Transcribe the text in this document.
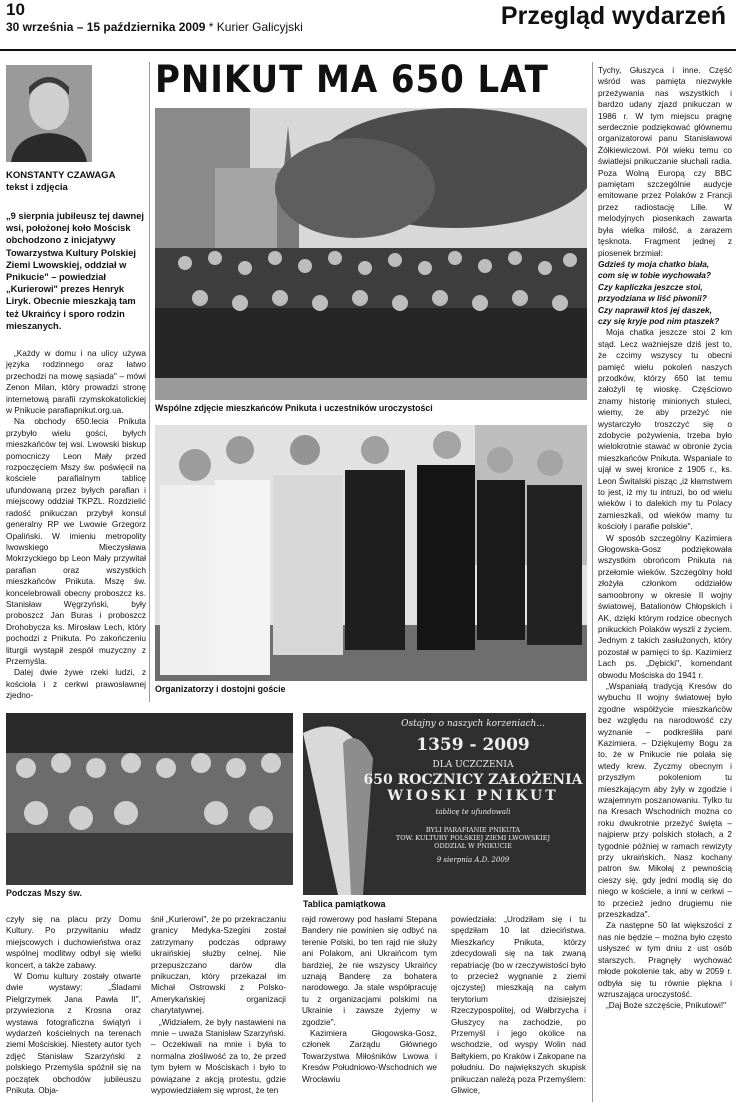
10
30 września – 15 października 2009 * Kurier Galicyjski	Przegląd wydarzeń
PNIKUT MA 650 LAT
KONSTANTY CZAWAGA
tekst i zdjęcia
„9 sierpnia jubileusz tej dawnej wsi, położonej koło Mościsk obchodzono z inicjatywy Towarzystwa Kultury Polskiej Ziemi Lwowskiej, oddział w Pnikucie" – powiedział „Kurierowi" prezes Henryk Liryk. Obecnie mieszkają tam też Ukraińcy i sporo rodzin mieszanych.

„Każdy w domu i na ulicy używa języka rodzinnego oraz łatwo przechodzi na mowę sąsiada" – mówi Zenon Milan, który prowadzi stronę internetową parafii rzymskokatolickiej w Pnikucie parafiapnikut.org.ua.

Na obchody 650.lecia Pnikuta przybyło wielu gości, byłych mieszkańców tej wsi. Lwowski biskup pomocniczy Leon Mały przed rozpoczęciem Mszy św. poświęcił na kościele parafialnym tablicę ufundowaną przez byłych parafian i miejscowy oddział TKPZL. Rozdzielić radość pnikuczan przybył konsul generalny RP we Lwowie Grzegorz Opaliński. W imieniu metropolity lwowskiego Mieczysława Mokrzyckiego bp Leon Mały przywitał parafian oraz wszystkich mieszkańców Pnikuta. Mszę św. koncelebrowali obecny proboszcz ks. Stanisław Węgrzyński, były proboszcz Jan Buras i proboszcz Drohobycza ks. Mirosław Lech, który pochodzi z Pnikuta. Po zakończeniu liturgii wystąpił zespół muzyczny z Przemyśla.

Dalej dwie żywe rzeki ludzi, z kościoła i z cerkwi prawosławnej zjedno-

Wspólne zdjęcie mieszkańców Pnikuta i uczestników uroczystości
Organizatorzy i dostojni goście
Podczas Mszy św.
Ostajny o naszych korzeniach...
1359 - 2009
DLA UCZCZENIA
650 ROCZNICY ZAŁOŻENIA
WIOSKI PNIKUT
tablicę te ufundowali
BYLI PARAFIANIE PNIKUTA
TOW. KULTURY POLSKIEJ ZIEMI LWOWSKIEJ
ODDZIAŁ W PNIKUCIE
9 sierpnia A.D. 2009
Tablica pamiątkowa

Tychy, Głuszyca i inne. Część wśród was pamięta niezwykłe przeżywania nas wszystkich i bardzo udany zjazd pnikuczan w 1986 r. W tym miejscu pragnę serdecznie podziękować głównemu organizatorowi panu Stanisławowi Żółkiewiczowi. Pół wieku temu co światlejsi pnikuczanie słuchali radia. Poza Wolną Europą czy BBC pamiętam szczególnie audycje emitowane przez Polaków z Francji przez radiostację Lille. W melodyjnych piosenkach zawarta była wielka miłość, a zarazem tęsknota. Fragment jednej z piosenek brzmiał:

Gdzieś ty moja chatko biała,
com się w tobie wychowała?
Czy kapliczka jeszcze stoi,
przyodziana w liść piwonii?
Czy naprawił ktoś jej daszek,
czy się kryje pod nim ptaszek?

Moja chatka jeszcze stoi 2 km stąd. Lecz ważniejsze dziś jest to, że czcimy wszyscy tu obecni pamięć wielu pokoleń naszych przodków, którzy 650 lat temu założyli tę wioskę. Częściowo znamy historię minionych stuleci, wiemy, że aby przeżyć nie wystarczyło troszczyć się o zdobycie pożywienia, trzeba było wielokrotnie stawać w obronie życia mieszkańców Pnikuta. Wspaniale to ujął w swej kronice z 1905 r., ks. Leon Świtalski pisząc „iż kłamstwem to jest, iż my tu intruzi, bo od wielu wieków i to dalekich my tu Polacy zamieszkali, od wieków mamy tu kościoły i parafie polskie".

W sposób szczególny Kazimiera Głogowska-Gosz podziękowała wszystkim obrońcom Pnikuta na przełomie wieków. Szczególny hołd złożyła członkom oddziałów samoobrony w okresie II wojny światowej, Batalionów Chłopskich i AK, dzięki którym rodzice obecnych pnikuckich Polaków wyszli z życiem. Jednym z takich zasłużonych, który pozostał w pamięci to śp. Kazimierz Lach ps. „Dębicki", komendant obwodu Mościska do 1941 r.

„Wspaniałą tradycją Kresów do wybuchu II wojny światowej było zgodne współżycie mieszkańców bez względu na narodowość czy wyznanie – podkreśliła pani Kazimiera. – Dziękujemy Bogu za to, że w Pnikucie nie polała się wtedy krew. Życzmy obecnym i przyszłym pokoleniom tu mieszkającym aby żyły w zgodzie i wzajemnym poszanowaniu. Tylko tu na Kresach Wschodnich można co roku dwukrotnie przeżyć święta – najpierw przy polskich stołach, a 2 tygodnie później w ramach rewizyty przy ukraińskich. Nasz kochany patron św. Mikołaj z pewnością cieszy się, gdy jedni modlą się do niego w kościele, a inni w cerkwi – to przecież jedno drugiemu nie przeszkadza".

Za następne 50 lat większości z nas nie będzie – można było często usłyszeć w tym dniu z ust osób starszych. Pragnęły wychować młode pokolenie tak, aby w 2059 r. odbyła się tu równie piękna i wzruszająca uroczystość.

„Daj Boże szczęście, Pnikutowi!"

czyły się na placu przy Domu Kultury. Po przywitaniu władz miejscowych i duchowieństwa oraz wspólnej modlitwy odbył się wielki koncert, a także zabawy.

W Domu kultury zostały otwarte dwie wystawy: „Śladami Pielgrzymek Jana Pawła II", przywieziona z Krosna oraz wystawa fotograficzna świątyń i wydarzeń kościelnych na terenach ziemi Mościskiej. Niestety autor tych zdjęć Stanisław Szarzyński z polskiego Przemyśla spóźnił się na początek obchodów jubileuszu Pnikuta. Obja-

śnił „Kurierowi", że po przekraczaniu granicy Medyka-Szegini został zatrzymany podczas odprawy ukraińskiej służby celnej. Nie przepuszczano darów dla pnikuczan, który przekazał im Michał Ostrowski z Polsko-Amerykańskiej organizacji charytatywnej.

„Widziałem, że były nastawieni na mnie – uważa Stanisław Szarzyński. – Oczekiwali na mnie i była to normalna złośliwość za to, że przed tym byłem w Mościskach i było to powiązane z akcją protestu, gdzie wypowiedziałem się wprost, że ten

rajd rowerowy pod hasłami Stepana Bandery nie powinien się odbyć na terenie Polski, bo ten rajd nie służy ani Polakom, ani Ukraińcom tym bardziej, że nie wszyscy Ukraińcy uznają Banderę za bohatera narodowego. Ja stale współpracuję tu z organizacjami polskimi na Ukrainie i zawsze żyjemy w zgodzie".

Kazimiera Głogowska-Gosz, członek Zarządu Głównego Towarzystwa Miłośników Lwowa i Kresów Południowo-Wschodnich we Wrocławiu

powiedziała: „Urodziłam się i tu spędziłam 10 lat dzieciństwa. Mieszkańcy Pnikuta, którzy zdecydowali się na tak zwaną repatriację (bo w rzeczywistości było to przecież wygnanie z ziemi ojczystej) mieszkają na całym terytorium dzisiejszej Rzeczypospolitej, od Wałbrzycha i Głuszycy na zachodzie, po Przemyśl i jego okolice na wschodzie, od wyspy Wolin nad Bałtykiem, po Kraków i Zakopane na południu. Do największych skupisk pnikuczan należą poza Przemyślem: Gliwice,
